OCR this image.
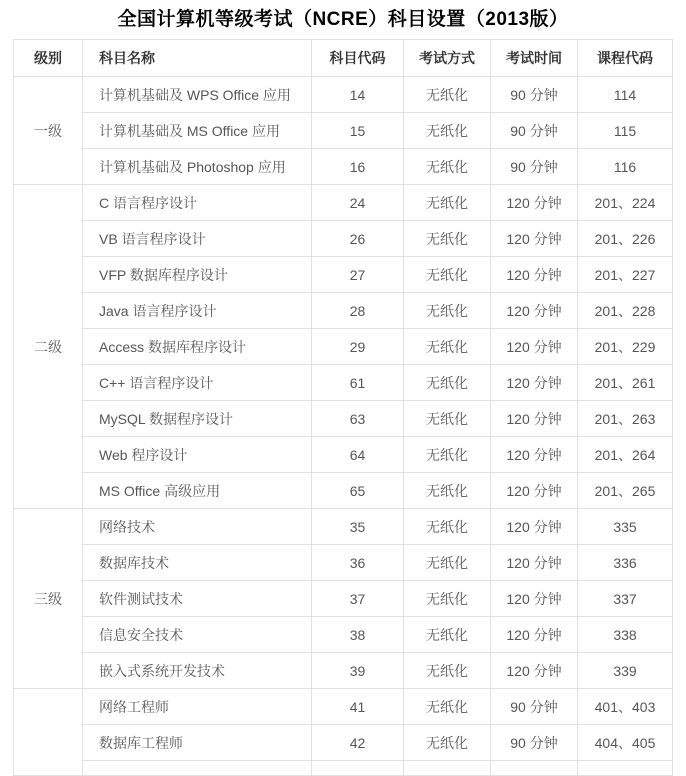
全国计算机等级考试（NCRE）科目设置（2013版）
级别	科目名称	科目代码	考试方式	考试时间	课程代码
一级	计算机基础及 WPS Office 应用	14	无纸化	90 分钟	114
	计算机基础及 MS Office 应用	15	无纸化	90 分钟	115
	计算机基础及 Photoshop 应用	16	无纸化	90 分钟	116
二级	C 语言程序设计	24	无纸化	120 分钟	201、224
	VB 语言程序设计	26	无纸化	120 分钟	201、226
	VFP 数据库程序设计	27	无纸化	120 分钟	201、227
	Java 语言程序设计	28	无纸化	120 分钟	201、228
	Access 数据库程序设计	29	无纸化	120 分钟	201、229
	C++ 语言程序设计	61	无纸化	120 分钟	201、261
	MySQL 数据程序设计	63	无纸化	120 分钟	201、263
	Web 程序设计	64	无纸化	120 分钟	201、264
	MS Office 高级应用	65	无纸化	120 分钟	201、265
三级	网络技术	35	无纸化	120 分钟	335
	数据库技术	36	无纸化	120 分钟	336
	软件测试技术	37	无纸化	120 分钟	337
	信息安全技术	38	无纸化	120 分钟	338
	嵌入式系统开发技术	39	无纸化	120 分钟	339
	网络工程师	41	无纸化	90 分钟	401、403
	数据库工程师	42	无纸化	90 分钟	404、405
